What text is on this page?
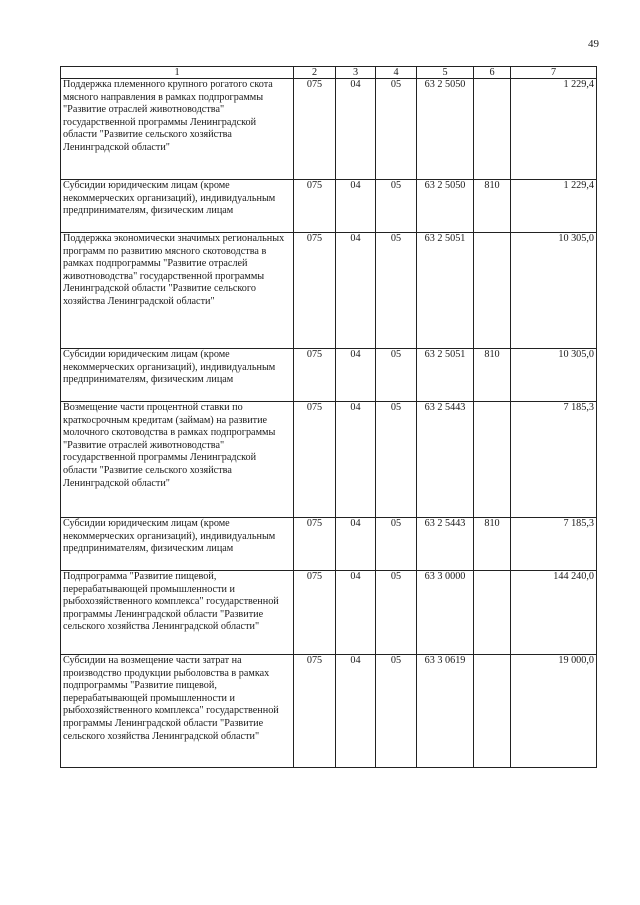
49
1	2	3	4	5	6	7
Поддержка племенного крупного рогатого скота мясного направления в рамках подпрограммы "Развитие отраслей животноводства" государственной программы Ленинградской области "Развитие сельского хозяйства Ленинградской области"	075	04	05	63 2 5050		1 229,4
Субсидии юридическим лицам (кроме некоммерческих организаций), индивидуальным предпринимателям, физическим лицам	075	04	05	63 2 5050	810	1 229,4
Поддержка экономически значимых региональных программ по развитию мясного скотоводства в рамках подпрограммы "Развитие отраслей животноводства" государственной программы Ленинградской области "Развитие сельского хозяйства Ленинградской области"	075	04	05	63 2 5051		10 305,0
Субсидии юридическим лицам (кроме некоммерческих организаций), индивидуальным предпринимателям, физическим лицам	075	04	05	63 2 5051	810	10 305,0
Возмещение части процентной ставки по краткосрочным кредитам (займам) на развитие молочного скотоводства в рамках подпрограммы "Развитие отраслей животноводства" государственной программы Ленинградской области "Развитие сельского хозяйства Ленинградской области"	075	04	05	63 2 5443		7 185,3
Субсидии юридическим лицам (кроме некоммерческих организаций), индивидуальным предпринимателям, физическим лицам	075	04	05	63 2 5443	810	7 185,3
Подпрограмма "Развитие пищевой, перерабатывающей промышленности и рыбохозяйственного комплекса" государственной программы Ленинградской области "Развитие сельского хозяйства Ленинградской области"	075	04	05	63 3 0000		144 240,0
Субсидии на возмещение части затрат на производство продукции рыболовства в рамках подпрограммы "Развитие пищевой, перерабатывающей промышленности и рыбохозяйственного комплекса" государственной программы Ленинградской области "Развитие сельского хозяйства Ленинградской области"	075	04	05	63 3 0619		19 000,0
